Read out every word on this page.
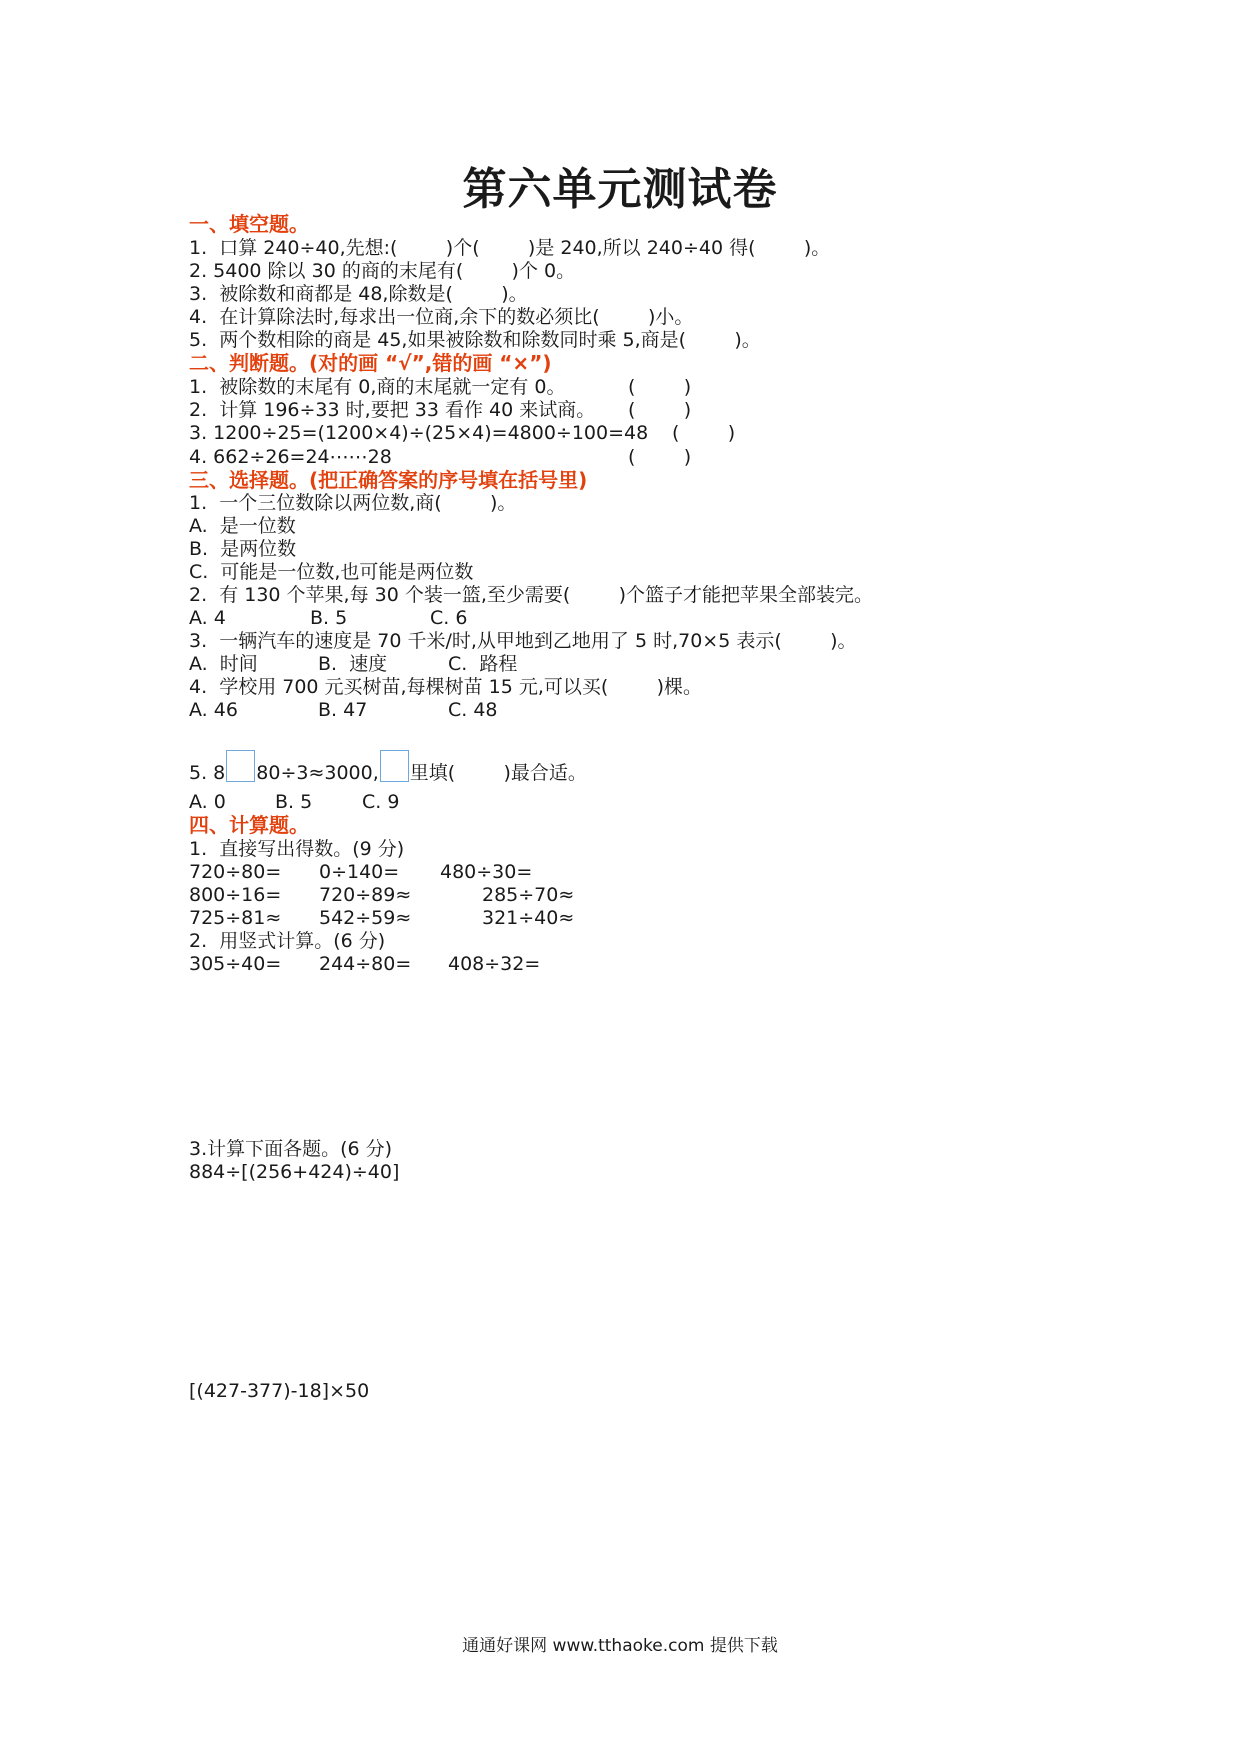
第六单元测试卷
一、填空题。
1.  口算 240÷40,先想:(        )个(        )是 240,所以 240÷40 得(        )。
2. 5400 除以 30 的商的末尾有(        )个 0。
3.  被除数和商都是 48,除数是(        )。
4.  在计算除法时,每求出一位商,余下的数必须比(        )小。
5.  两个数相除的商是 45,如果被除数和除数同时乘 5,商是(        )。
二、判断题。(对的画 “√”,错的画 “×”)
1.  被除数的末尾有 0,商的末尾就一定有 0。	(        )
2.  计算 196÷33 时,要把 33 看作 40 来试商。 (        )
3. 1200÷25=(1200×4)÷(25×4)=4800÷100=48 (        )
4. 662÷26=24⋯⋯28	(        )
三、选择题。(把正确答案的序号填在括号里)
1.  一个三位数除以两位数,商(        )。
A.  是一位数
B.  是两位数
C.  可能是一位数,也可能是两位数
2.  有 130 个苹果,每 30 个装一篮,至少需要(        )个篮子才能把苹果全部装完。
A. 4	B. 5	C. 6
3.  一辆汽车的速度是 70 千米/时,从甲地到乙地用了 5 时,70×5 表示(        )。
A.  时间	B.  速度	C.  路程
4.  学校用 700 元买树苗,每棵树苗 15 元,可以买(        )棵。
A. 46	B. 47	C. 48
5. 8 80÷3≈3000, 里填(        )最合适。
A. 0	B. 5	C. 9
四、计算题。
1.  直接写出得数。(9 分)
720÷80= 0÷140= 480÷30=
800÷16= 720÷89≈	285÷70≈
725÷81≈ 542÷59≈	321÷40≈
2.  用竖式计算。(6 分)
305÷40= 244÷80= 408÷32=
3.计算下面各题。(6 分)
884÷[(256+424)÷40]
[(427-377)-18]×50
通通好课网 www.tthaoke.com 提供下载
